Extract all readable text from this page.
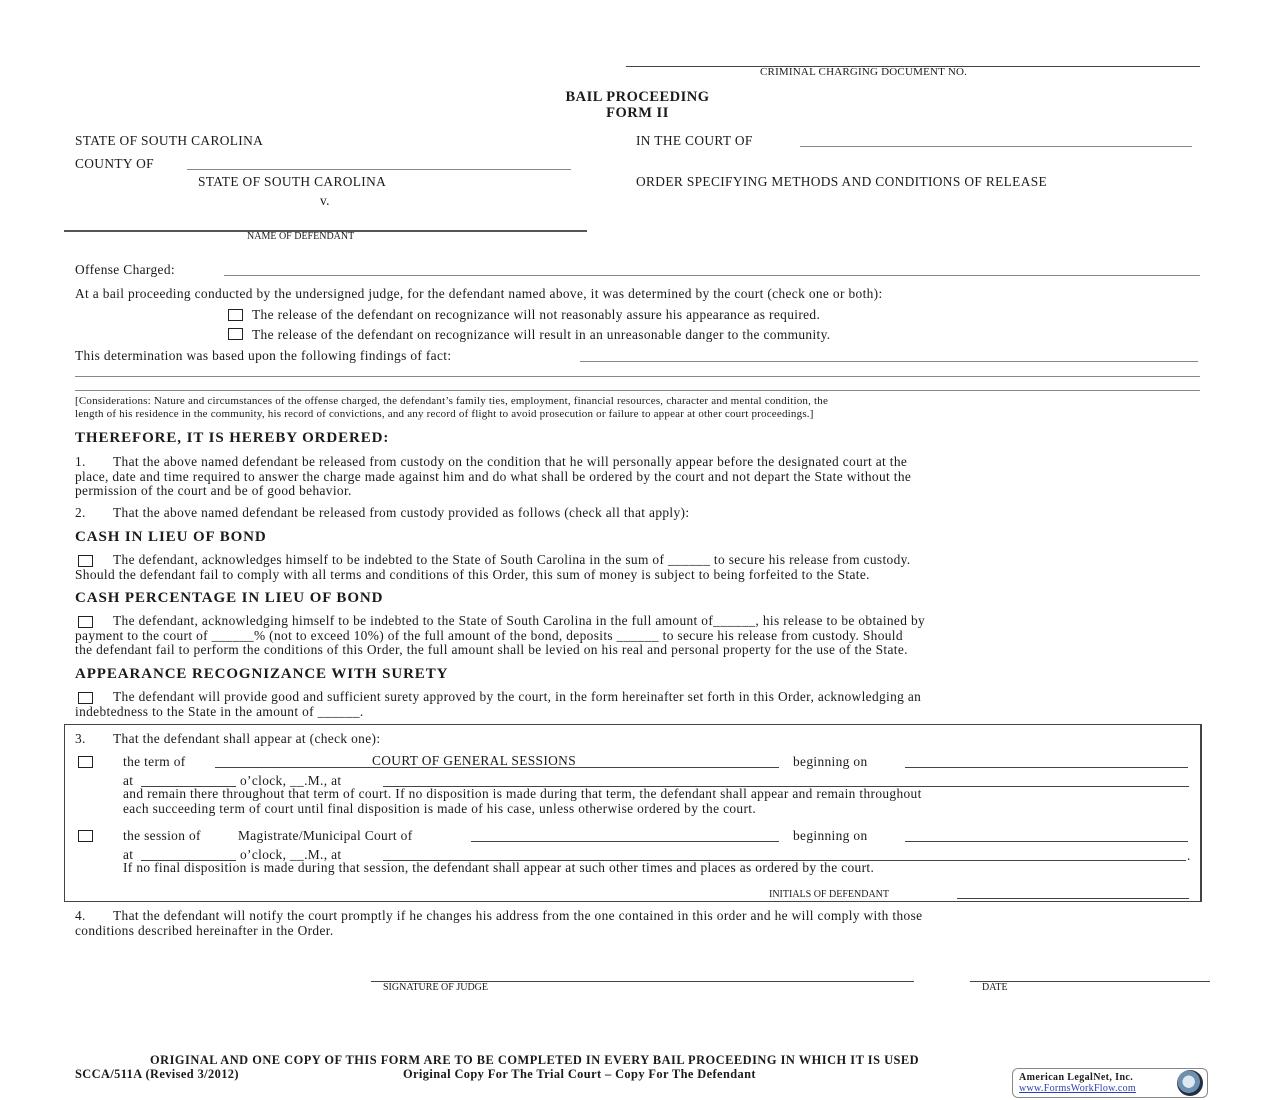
CRIMINAL CHARGING DOCUMENT NO.
BAIL PROCEEDING
FORM II
STATE OF SOUTH CAROLINA	IN THE COURT OF
COUNTY OF
STATE OF SOUTH CAROLINA	ORDER SPECIFYING METHODS AND CONDITIONS OF RELEASE
v.
NAME OF DEFENDANT
Offense Charged:
At a bail proceeding conducted by the undersigned judge, for the defendant named above, it was determined by the court (check one or both):
The release of the defendant on recognizance will not reasonably assure his appearance as required.
The release of the defendant on recognizance will result in an unreasonable danger to the community.
This determination was based upon the following findings of fact:
[Considerations: Nature and circumstances of the offense charged, the defendant’s family ties, employment, financial resources, character and mental condition, the
length of his residence in the community, his record of convictions, and any record of flight to avoid prosecution or failure to appear at other court proceedings.]
THEREFORE, IT IS HEREBY ORDERED:
1. That the above named defendant be released from custody on the condition that he will personally appear before the designated court at the
place, date and time required to answer the charge made against him and do what shall be ordered by the court and not depart the State without the
permission of the court and be of good behavior.
2. That the above named defendant be released from custody provided as follows (check all that apply):
CASH IN LIEU OF BOND
The defendant, acknowledges himself to be indebted to the State of South Carolina in the sum of ______ to secure his release from custody.
Should the defendant fail to comply with all terms and conditions of this Order, this sum of money is subject to being forfeited to the State.
CASH PERCENTAGE IN LIEU OF BOND
The defendant, acknowledging himself to be indebted to the State of South Carolina in the full amount of______, his release to be obtained by
payment to the court of ______% (not to exceed 10%) of the full amount of the bond, deposits ______ to secure his release from custody. Should
the defendant fail to perform the conditions of this Order, the full amount shall be levied on his real and personal property for the use of the State.
APPEARANCE RECOGNIZANCE WITH SURETY
The defendant will provide good and sufficient surety approved by the court, in the form hereinafter set forth in this Order, acknowledging an
indebtedness to the State in the amount of ______.
3. That the defendant shall appear at (check one):
the term of	COURT OF GENERAL SESSIONS	beginning on
at	o’clock, __.M., at
and remain there throughout that term of court. If no disposition is made during that term, the defendant shall appear and remain throughout
each succeeding term of court until final disposition is made of his case, unless otherwise ordered by the court.
the session of	Magistrate/Municipal Court of	beginning on
at	o’clock, __.M., at	.
If no final disposition is made during that session, the defendant shall appear at such other times and places as ordered by the court.
INITIALS OF DEFENDANT
4. That the defendant will notify the court promptly if he changes his address from the one contained in this order and he will comply with those
conditions described hereinafter in the Order.
SIGNATURE OF JUDGE	DATE
ORIGINAL AND ONE COPY OF THIS FORM ARE TO BE COMPLETED IN EVERY BAIL PROCEEDING IN WHICH IT IS USED
SCCA/511A (Revised 3/2012)	Original Copy For The Trial Court – Copy For The Defendant	American LegalNet, Inc.
www.FormsWorkFlow.com
